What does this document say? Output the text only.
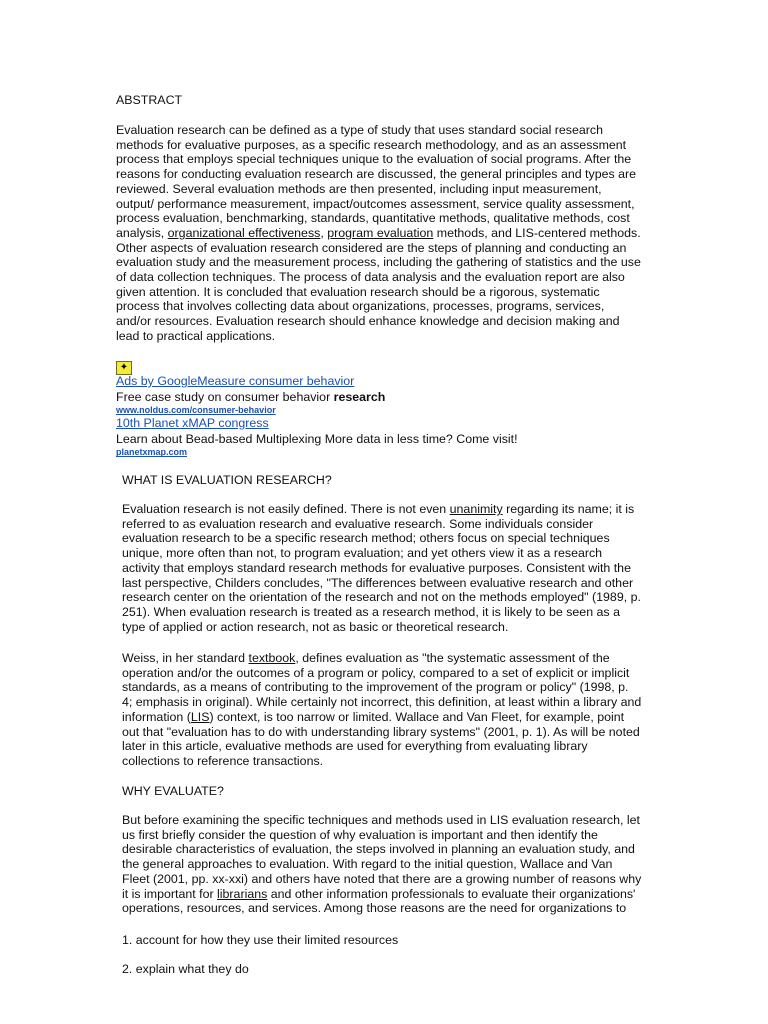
ABSTRACT

Evaluation research can be defined as a type of study that uses standard social research
methods for evaluative purposes, as a specific research methodology, and as an assessment
process that employs special techniques unique to the evaluation of social programs. After the
reasons for conducting evaluation research are discussed, the general principles and types are
reviewed. Several evaluation methods are then presented, including input measurement,
output/ performance measurement, impact/outcomes assessment, service quality assessment,
process evaluation, benchmarking, standards, quantitative methods, qualitative methods, cost

analysis, organizational effectiveness, program evaluation methods, and LIS-centered methods.

Other aspects of evaluation research considered are the steps of planning and conducting an
evaluation study and the measurement process, including the gathering of statistics and the use
of data collection techniques. The process of data analysis and the evaluation report are also
given attention. It is concluded that evaluation research should be a rigorous, systematic
process that involves collecting data about organizations, processes, programs, services,
and/or resources. Evaluation research should enhance knowledge and decision making and
lead to practical applications.

✦
Ads by GoogleMeasure consumer behavior
Free case study on consumer behavior research
www.noldus.com/consumer-behavior
10th Planet xMAP congress
Learn about Bead-based Multiplexing More data in less time? Come visit!
planetxmap.com
WHAT IS EVALUATION RESEARCH?
Evaluation research is not easily defined. There is not even unanimity regarding its name; it is

referred to as evaluation research and evaluative research. Some individuals consider
evaluation research to be a specific research method; others focus on special techniques
unique, more often than not, to program evaluation; and yet others view it as a research
activity that employs standard research methods for evaluative purposes. Consistent with the
last perspective, Childers concludes, "The differences between evaluative research and other
research center on the orientation of the research and not on the methods employed" (1989, p.
251). When evaluation research is treated as a research method, it is likely to be seen as a
type of applied or action research, not as basic or theoretical research.

Weiss, in her standard textbook, defines evaluation as "the systematic assessment of the

operation and/or the outcomes of a program or policy, compared to a set of explicit or implicit
standards, as a means of contributing to the improvement of the program or policy" (1998, p.
4; emphasis in original). While certainly not incorrect, this definition, at least within a library and

information (LIS) context, is too narrow or limited. Wallace and Van Fleet, for example, point

out that "evaluation has to do with understanding library systems" (2001, p. 1). As will be noted
later in this article, evaluative methods are used for everything from evaluating library
collections to reference transactions.

WHY EVALUATE?

But before examining the specific techniques and methods used in LIS evaluation research, let
us first briefly consider the question of why evaluation is important and then identify the
desirable characteristics of evaluation, the steps involved in planning an evaluation study, and
the general approaches to evaluation. With regard to the initial question, Wallace and Van
Fleet (2001, pp. xx-xxi) and others have noted that there are a growing number of reasons why

it is important for librarians and other information professionals to evaluate their organizations'
operations, resources, and services. Among those reasons are the need for organizations to
1. account for how they use their limited resources
2. explain what they do
